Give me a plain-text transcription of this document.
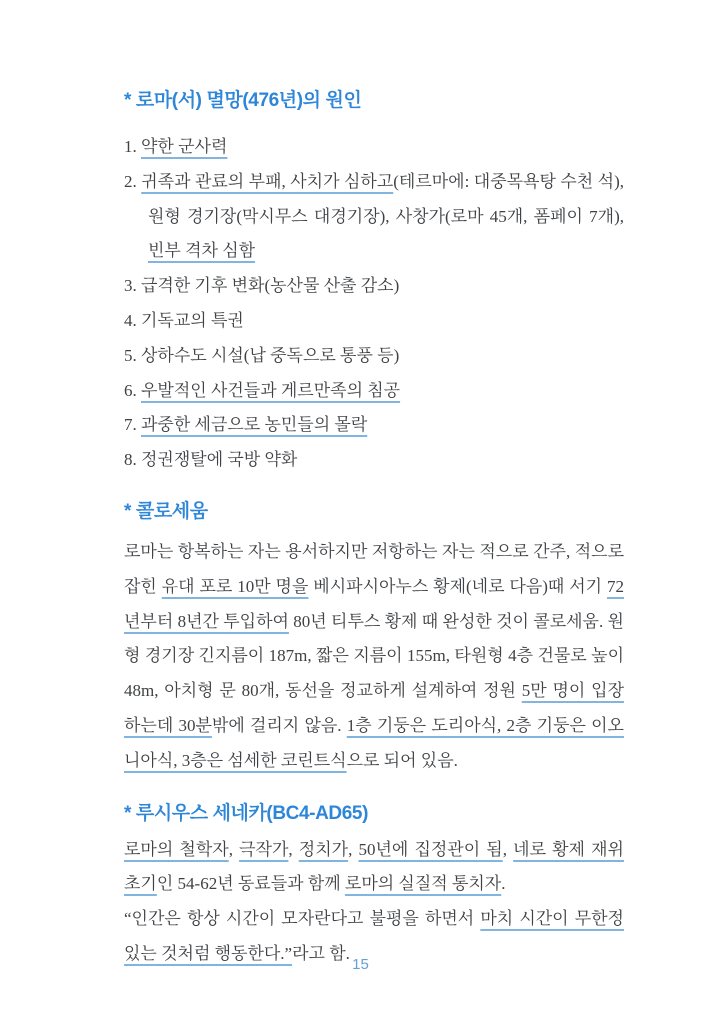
* 로마(서) 멸망(476년)의 원인
1. 약한 군사력
2. 귀족과 관료의 부패, 사치가 심하고(테르마에: 대중목욕탕 수천 석), 원형 경기장(막시무스 대경기장), 사창가(로마 45개, 폼페이 7개), 빈부 격차 심함
3. 급격한 기후 변화(농산물 산출 감소)
4. 기독교의 특권
5. 상하수도 시설(납 중독으로 통풍 등)
6. 우발적인 사건들과 게르만족의 침공
7. 과중한 세금으로 농민들의 몰락
8. 정권쟁탈에 국방 약화
* 콜로세움

로마는 항복하는 자는 용서하지만 저항하는 자는 적으로 간주, 적으로 잡힌 유대 포로 10만 명을 베시파시아누스 황제(네로 다음)때 서기 72년부터 8년간 투입하여 80년 티투스 황제 때 완성한 것이 콜로세움. 원형 경기장 긴지름이 187m, 짧은 지름이 155m, 타원형 4층 건물로 높이 48m, 아치형 문 80개, 동선을 정교하게 설계하여 정원 5만 명이 입장하는데 30분밖에 걸리지 않음. 1층 기둥은 도리아식, 2층 기둥은 이오니아식, 3층은 섬세한 코린트식으로 되어 있음.

* 루시우스 세네카(BC4-AD65)

로마의 철학자, 극작가, 정치가, 50년에 집정관이 됨, 네로 황제 재위 초기인 54-62년 동료들과 함께 로마의 실질적 통치자.

“인간은 항상 시간이 모자란다고 불평을 하면서 마치 시간이 무한정 있는 것처럼 행동한다.”라고 함.

15
